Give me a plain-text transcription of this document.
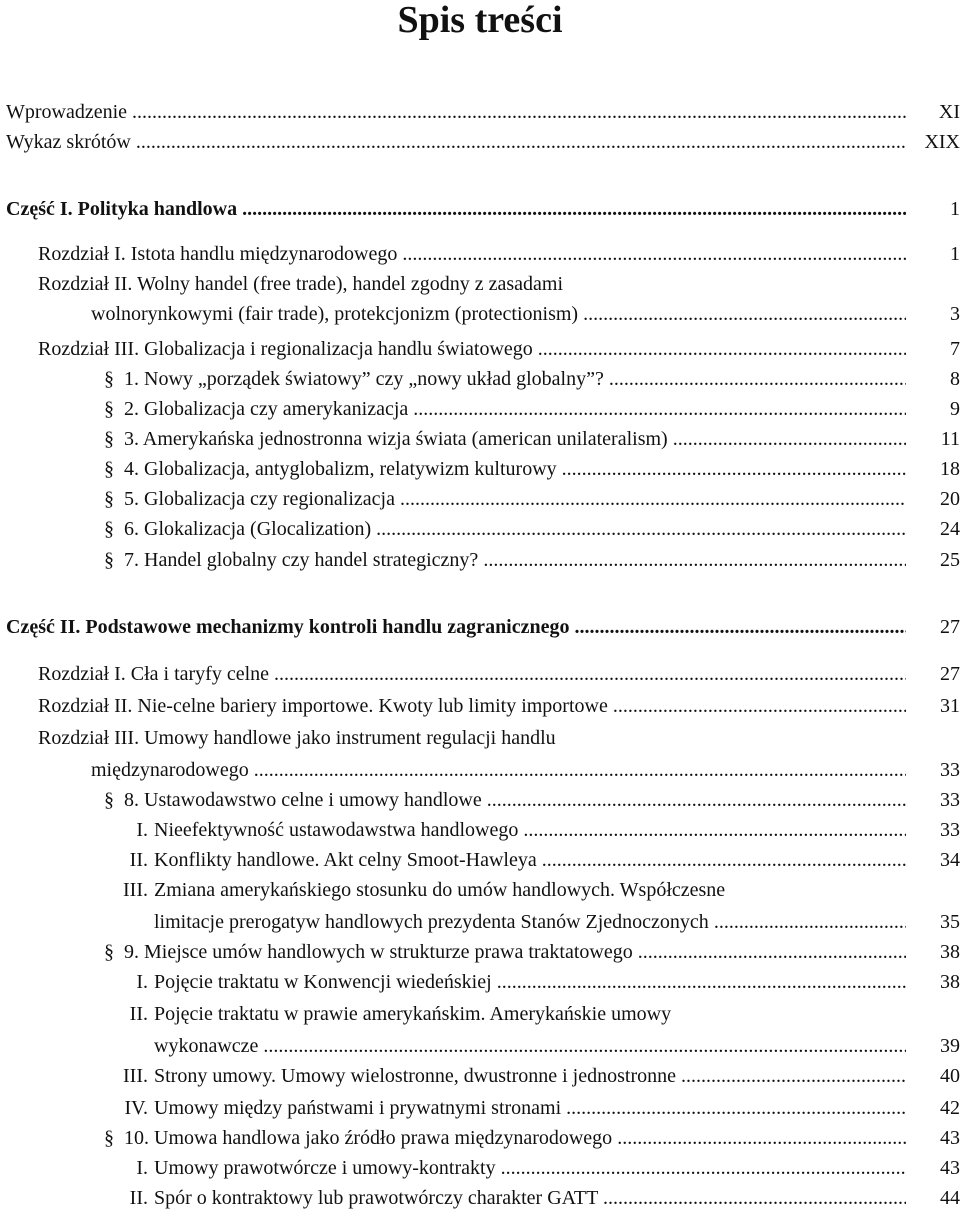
Spis treści
Wprowadzenie .....	XI
Wykaz skrótów .....	XIX
Część I. Polityka handlowa .....	1
Rozdział I. Istota handlu międzynarodowego .....	1
Rozdział II. Wolny handel (free trade), handel zgodny z zasadami
wolnorynkowymi (fair trade), protekcjonizm (protectionism) .....	3
Rozdział III. Globalizacja i regionalizacja handlu światowego .....	7
§ 1. Nowy „porządek światowy” czy „nowy układ globalny”? .....	8
§ 2. Globalizacja czy amerykanizacja .....	9
§ 3. Amerykańska jednostronna wizja świata (american unilateralism) .....	11
§ 4. Globalizacja, antyglobalizm, relatywizm kulturowy .....	18
§ 5. Globalizacja czy regionalizacja .....	20
§ 6. Glokalizacja (Glocalization) .....	24
§ 7. Handel globalny czy handel strategiczny? .....	25
Część II. Podstawowe mechanizmy kontroli handlu zagranicznego .....	27
Rozdział I. Cła i taryfy celne .....	27
Rozdział II. Nie-celne bariery importowe. Kwoty lub limity importowe .....	31
Rozdział III. Umowy handlowe jako instrument regulacji handlu
międzynarodowego .....	33
§ 8. Ustawodawstwo celne i umowy handlowe .....	33
I. Nieefektywność ustawodawstwa handlowego .....	33
II. Konflikty handlowe. Akt celny Smoot-Hawleya .....	34
III. Zmiana amerykańskiego stosunku do umów handlowych. Współczesne
limitacje prerogatyw handlowych prezydenta Stanów Zjednoczonych .....	35
§ 9. Miejsce umów handlowych w strukturze prawa traktatowego .....	38
I. Pojęcie traktatu w Konwencji wiedeńskiej .....	38
II. Pojęcie traktatu w prawie amerykańskim. Amerykańskie umowy
wykonawcze .....	39
III. Strony umowy. Umowy wielostronne, dwustronne i jednostronne .....	40
IV. Umowy między państwami i prywatnymi stronami .....	42
§ 10. Umowa handlowa jako źródło prawa międzynarodowego .....	43
I. Umowy prawotwórcze i umowy-kontrakty .....	43
II. Spór o kontraktowy lub prawotwórczy charakter GATT .....	44
